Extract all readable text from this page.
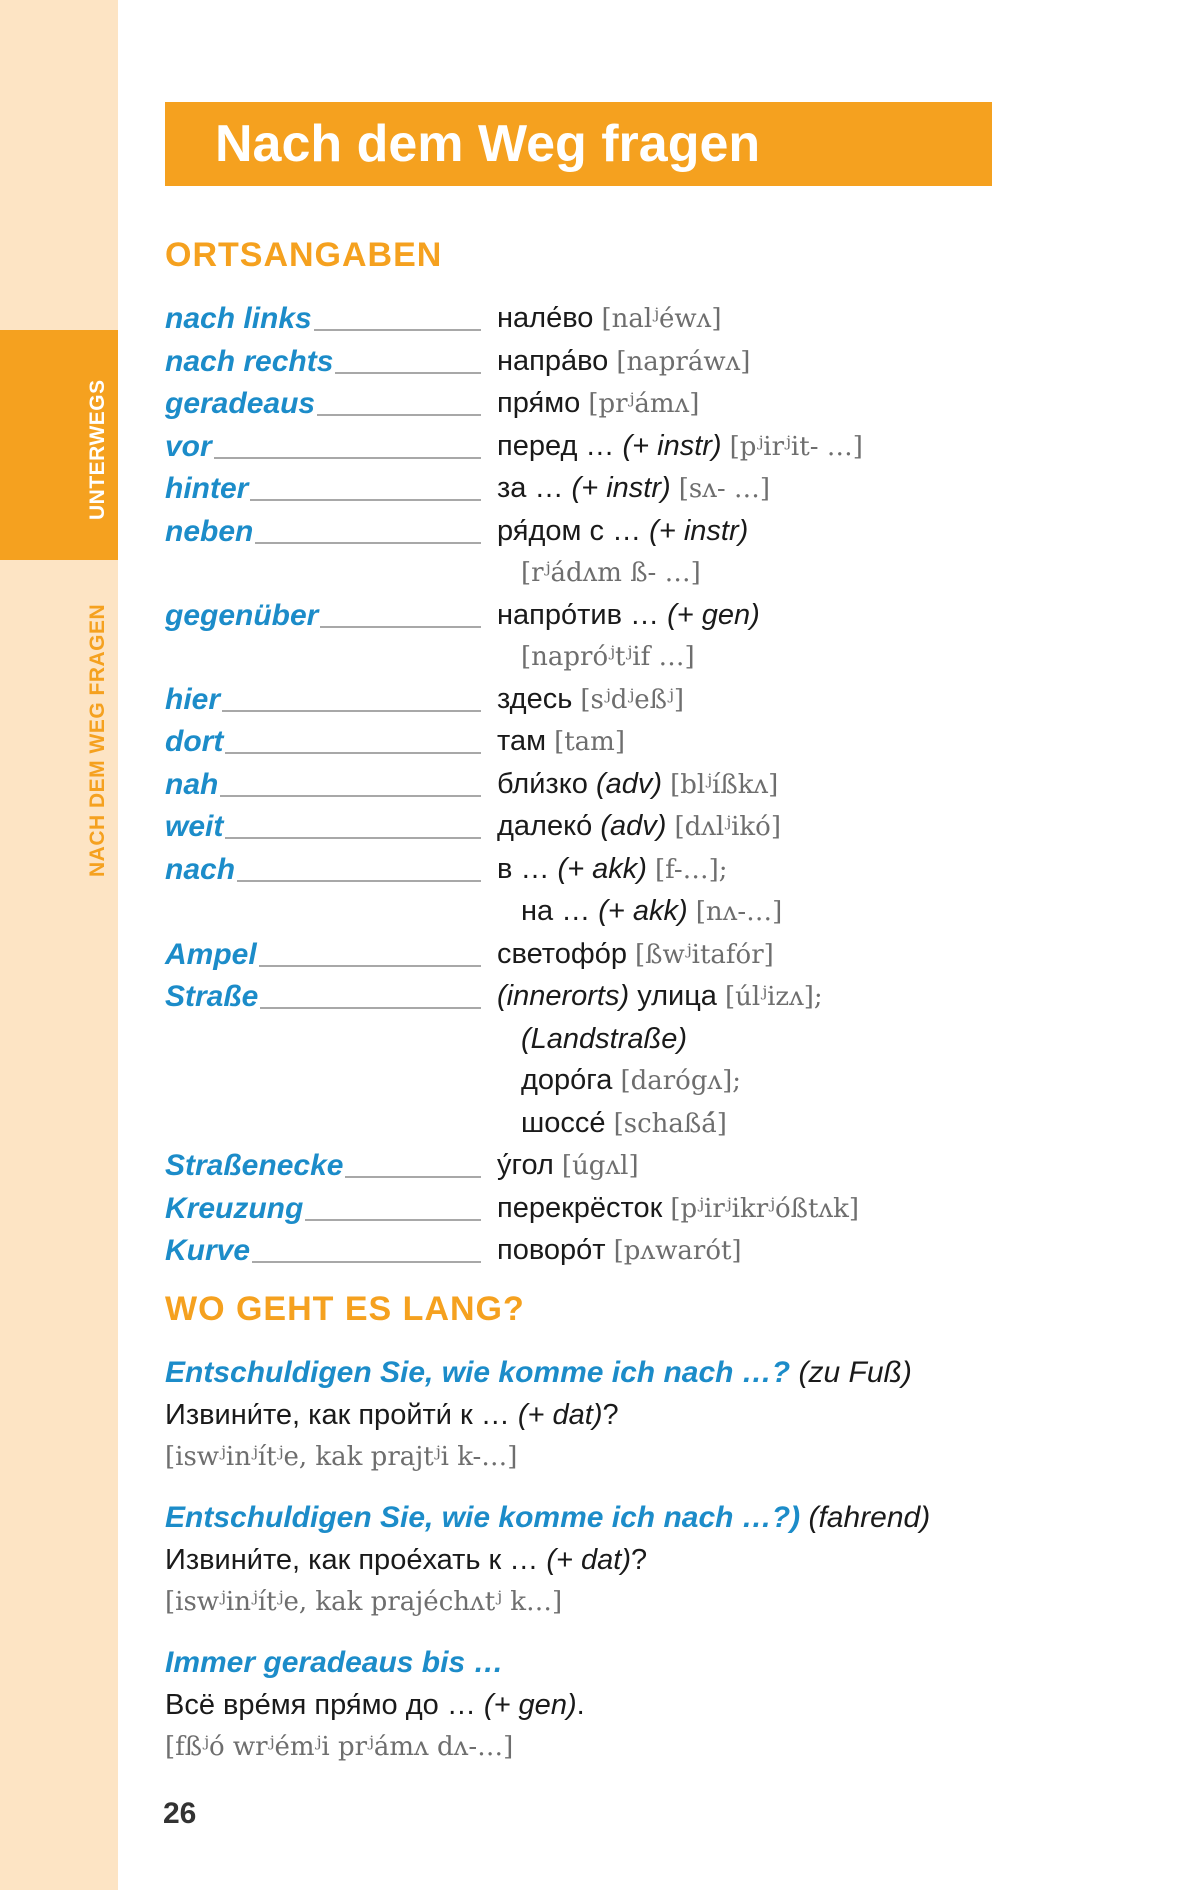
UNTERWEGS
NACH DEM WEG FRAGEN
Nach dem Weg fragen
ORTSANGABEN
nach links	нале́во [nalʲéwʌ]
nach rechts	напра́во [napráwʌ]
geradeaus	пря́мо [prʲámʌ]
vor	перед … (+ instr) [pʲirʲit- …]
hinter	за … (+ instr) [sʌ- …]
neben	ря́дом с … (+ instr)
[rʲádʌm ß- …]
gegenüber	напро́тив … (+ gen)
[napróʲtʲif …]
hier	здесь [sʲdʲeßʲ]
dort	там [tam]
nah	бли́зко (adv) [blʲíßkʌ]
weit	далеко́ (adv) [dʌlʲikó]
nach	в … (+ akk) [f-…];
на … (+ akk) [nʌ-…]
Ampel	светофо́р [ßwʲitafór]
Straße	(innerorts) улица [úlʲizʌ];
(Landstraße)
доро́га [darógʌ];
шоссе́ [schaßá́]
Straßenecke	у́гол [úgʌl]
Kreuzung	перекрёсток [pʲirʲikrʲóßtʌk]
Kurve	поворо́т [pʌwarót]
WO GEHT ES LANG?
Entschuldigen Sie, wie komme ich nach …? (zu Fuß)
Извини́те, как пройти́ к … (+ dat)?
[iswʲinʲítʲe, kak prajtʲi k-…]
Entschuldigen Sie, wie komme ich nach …?) (fahrend)
Извини́те, как прое́хать к … (+ dat)?
[iswʲinʲítʲe, kak prajéchʌtʲ k…]
Immer geradeaus bis …
Всё вре́мя пря́мо до … (+ gen).
[fßʲó wrʲémʲi prʲámʌ dʌ-…]
26
